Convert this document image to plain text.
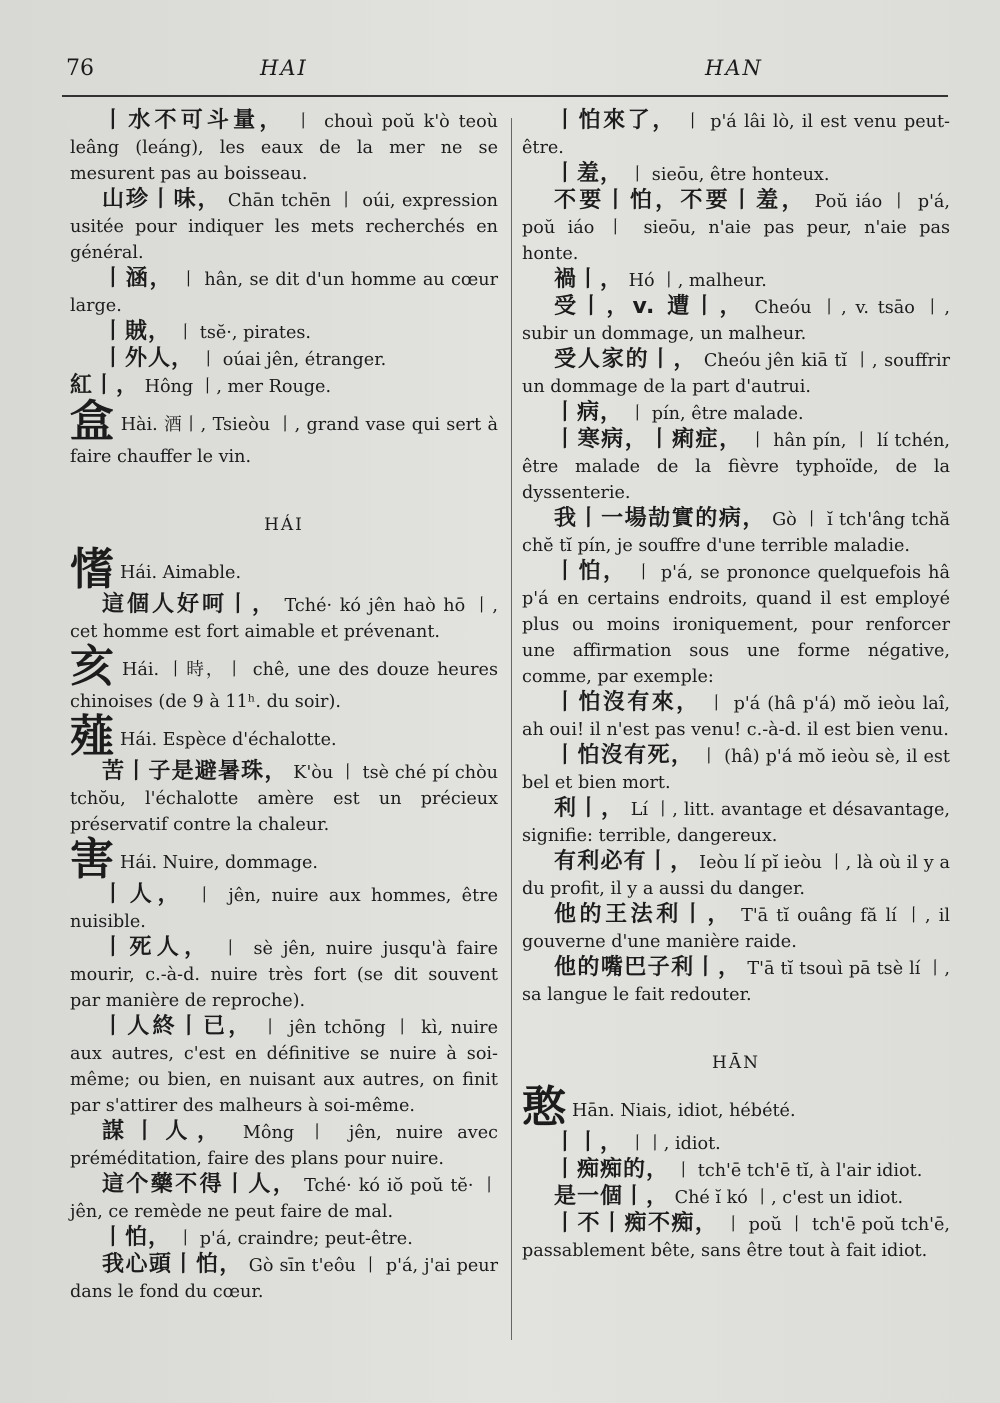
76	HAI	HAN

丨水不可斗量， 丨 chouì poŭ k'ò teoù leâng (leáng), les eaux de la mer ne se mesurent pas au boisseau.

山珍丨味， Chān tchēn 丨 oúi, expression usitée pour indiquer les mets recherchés en général.

丨涵， 丨 hân, se dit d'un homme au cœur large.

丨賊， 丨 tsĕ·, pirates.

丨外人， 丨 oúai jên, étranger.

紅丨， Hông 丨, mer Rouge.

盒 Hài. 酒丨, Tsieòu 丨, grand vase qui sert à faire chauffer le vin.

HÁI

愭 Hái. Aimable.

這個人好呵丨， Tché· kó jên haò hō 丨, cet homme est fort aimable et prévenant.

亥 Hái. 丨時，丨 chê, une des douze heures chinoises (de 9 à 11ʰ. du soir).

薤 Hái. Espèce d'échalotte.

苦丨子是避暑珠， K'òu 丨 tsè ché pí chòu tchŏu, l'échalotte amère est un précieux préservatif contre la chaleur.

害 Hái. Nuire, dommage.

丨人， 丨 jên, nuire aux hommes, être nuisible.

丨死人， 丨 sè jên, nuire jusqu'à faire mourir, c.-à-d. nuire très fort (se dit souvent par manière de reproche).

丨人終丨已， 丨 jên tchōng 丨 kì, nuire aux autres, c'est en définitive se nuire à soi-même; ou bien, en nuisant aux autres, on finit par s'attirer des malheurs à soi-même.

謀丨人， Mông 丨 jên, nuire avec préméditation, faire des plans pour nuire.

這个藥不得丨人， Tché· kó iŏ poŭ tĕ· 丨 jên, ce remède ne peut faire de mal.

丨怕， 丨 p'á, craindre; peut-être.

我心頭丨怕， Gò sīn t'eôu 丨 p'á, j'ai peur dans le fond du cœur.

丨怕來了， 丨 p'á lâi lò, il est venu peut-être.

丨羞， 丨 sieōu, être honteux.

不要丨怕，不要丨羞， Poŭ iáo 丨 p'á, poŭ iáo 丨 sieōu, n'aie pas peur, n'aie pas honte.

禍丨， Hó 丨, malheur.

受丨，v. 遭丨， Cheóu 丨, v. tsāo 丨, subir un dommage, un malheur.

受人家的丨， Cheóu jên kiā tĭ 丨, souffrir un dommage de la part d'autrui.

丨病， 丨 pín, être malade.

丨寒病，丨痢症， 丨 hân pín, 丨 lí tchén, être malade de la fièvre typhoïde, de la dyssenterie.

我丨一場劼實的病， Gò 丨 ĭ tch'âng tchă chĕ tĭ pín, je souffre d'une terrible maladie.

丨怕， 丨 p'á, se prononce quelquefois hâ p'á en certains endroits, quand il est employé plus ou moins ironiquement, pour renforcer une affirmation sous une forme négative, comme, par exemple:

丨怕沒有來， 丨 p'á (hâ p'á) mŏ ieòu laî, ah oui! il n'est pas venu! c.-à-d. il est bien venu.

丨怕沒有死， 丨 (hâ) p'á mŏ ieòu sè, il est bel et bien mort.

利丨， Lí 丨, litt. avantage et désavantage, signifie: terrible, dangereux.

有利必有丨， Ieòu lí pĭ ieòu 丨, là où il y a du profit, il y a aussi du danger.

他的王法利丨， T'ā tĭ ouâng fă lí 丨, il gouverne d'une manière raide.

他的嘴巴子利丨， T'ā tĭ tsouì pā tsè lí 丨, sa langue le fait redouter.

HĀN

憨 Hān. Niais, idiot, hébété.

丨丨， 丨丨, idiot.

丨痴痴的， 丨 tch'ē tch'ē tĭ, à l'air idiot.

是一個丨， Ché ĭ kó 丨, c'est un idiot.

丨不丨痴不痴， 丨 poŭ 丨 tch'ē poŭ tch'ē, passablement bête, sans être tout à fait idiot.
